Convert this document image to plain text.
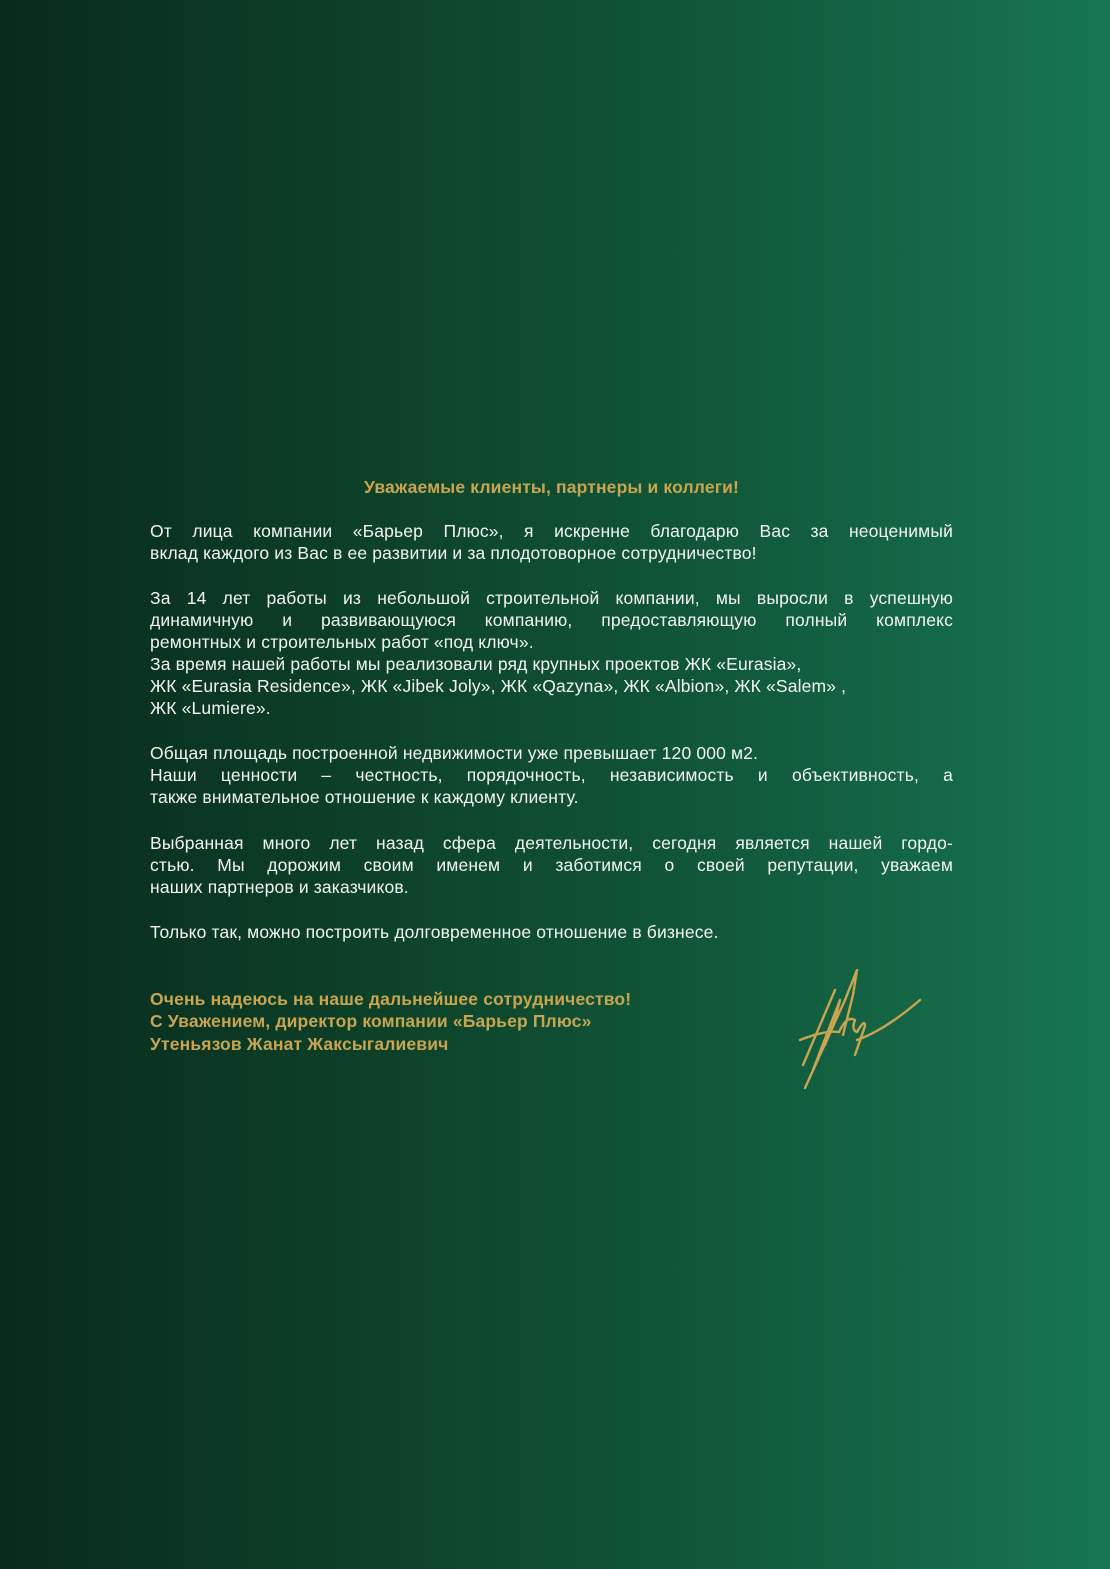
Уважаемые клиенты, партнеры и коллеги!
От лица компании «Барьер Плюс», я искренне благодарю Вас за неоценимый
вклад каждого из Вас в ее развитии и за плодотоворное сотрудничество!
За 14 лет работы из небольшой строительной компании, мы выросли в успешную
динамичную и развивающуюся компанию, предоставляющую полный комплекс
ремонтных и строительных работ «под ключ».
За время нашей работы мы реализовали ряд крупных проектов ЖК «Eurasia»,
ЖК «Eurasia Residence», ЖК «Jibek Joly», ЖК «Qazyna», ЖК «Albion», ЖК «Salem» ,
ЖК «Lumiere».
Общая площадь построенной недвижимости уже превышает 120 000 м2.
Наши ценности – честность, порядочность, независимость и объективность, а
также внимательное отношение к каждому клиенту.
Выбранная много лет назад сфера деятельности, сегодня является нашей гордо-
стью. Мы дорожим своим именем и заботимся о своей репутации, уважаем
наших партнеров и заказчиков.
Только так, можно построить долговременное отношение в бизнесе.
Очень надеюсь на наше дальнейшее сотрудничество!
С Уважением, директор компании «Барьер Плюс»
Утеньязов Жанат Жаксыгалиевич
